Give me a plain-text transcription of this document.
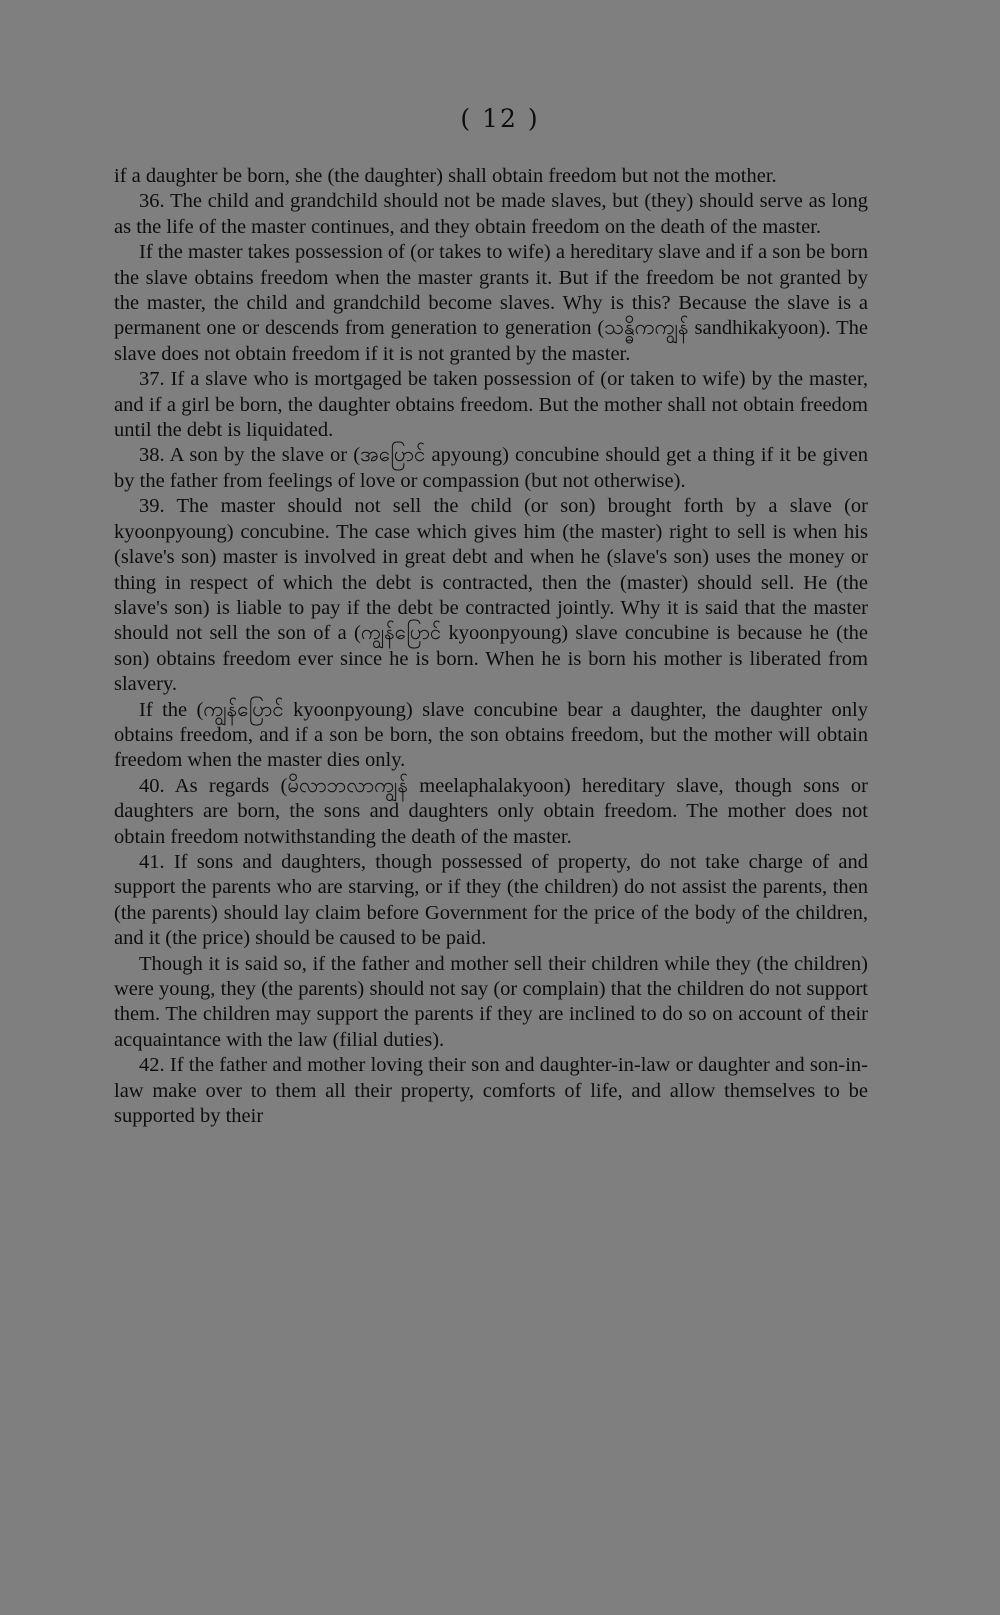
( 12 )

if a daughter be born, she (the daughter) shall obtain freedom but not the mother.

36. The child and grandchild should not be made slaves, but (they) should serve as long as the life of the master continues, and they obtain freedom on the death of the master.

If the master takes possession of (or takes to wife) a hereditary slave and if a son be born the slave obtains freedom when the master grants it. But if the freedom be not granted by the master, the child and grandchild become slaves. Why is this? Because the slave is a permanent one or descends from generation to generation (သန္ဓိကကျွန် sandhikakyoon). The slave does not obtain freedom if it is not granted by the master.

37. If a slave who is mortgaged be taken possession of (or taken to wife) by the master, and if a girl be born, the daughter obtains freedom. But the mother shall not obtain freedom until the debt is liquidated.

38. A son by the slave or (အပြောင် apyoung) concubine should get a thing if it be given by the father from feelings of love or compassion (but not otherwise).

39. The master should not sell the child (or son) brought forth by a slave (or kyoonpyoung) concubine. The case which gives him (the master) right to sell is when his (slave's son) master is involved in great debt and when he (slave's son) uses the money or thing in respect of which the debt is contracted, then the (master) should sell. He (the slave's son) is liable to pay if the debt be contracted jointly. Why it is said that the master should not sell the son of a (ကျွန်ပြောင် kyoonpyoung) slave concubine is because he (the son) obtains freedom ever since he is born. When he is born his mother is liberated from slavery.

If the (ကျွန်ပြောင် kyoonpyoung) slave concubine bear a daughter, the daughter only obtains freedom, and if a son be born, the son obtains freedom, but the mother will obtain freedom when the master dies only.

40. As regards (မိလာဘလာကျွန် meelaphalakyoon) hereditary slave, though sons or daughters are born, the sons and daughters only obtain freedom. The mother does not obtain freedom notwithstanding the death of the master.

41. If sons and daughters, though possessed of property, do not take charge of and support the parents who are starving, or if they (the children) do not assist the parents, then (the parents) should lay claim before Government for the price of the body of the children, and it (the price) should be caused to be paid.

Though it is said so, if the father and mother sell their children while they (the children) were young, they (the parents) should not say (or complain) that the children do not support them. The children may support the parents if they are inclined to do so on account of their acquaintance with the law (filial duties).

42. If the father and mother loving their son and daughter-in-law or daughter and son-in-law make over to them all their property, comforts of life, and allow themselves to be supported by their
